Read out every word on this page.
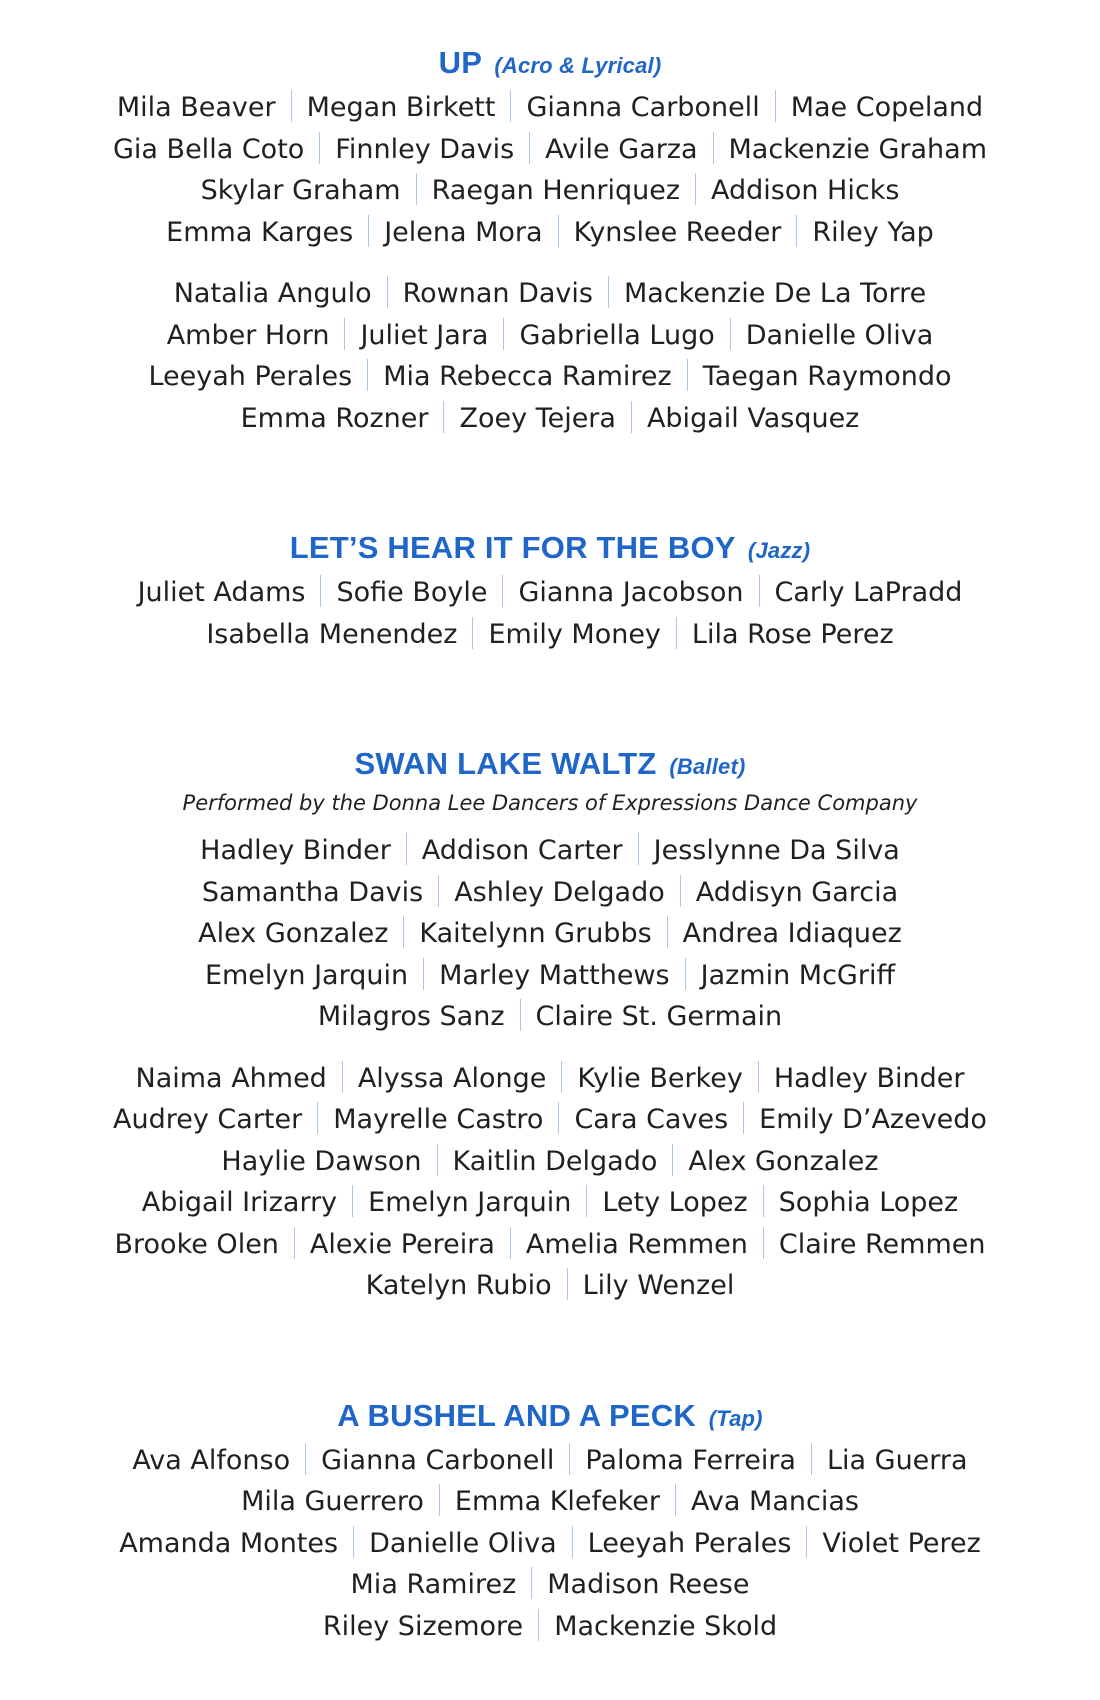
UP (Acro & Lyrical)
Mila Beaver Megan Birkett Gianna Carbonell Mae Copeland
Gia Bella Coto Finnley Davis Avile Garza Mackenzie Graham
Skylar Graham Raegan Henriquez Addison Hicks
Emma Karges Jelena Mora Kynslee Reeder Riley Yap
Natalia Angulo Rownan Davis Mackenzie De La Torre
Amber Horn Juliet Jara Gabriella Lugo Danielle Oliva
Leeyah Perales Mia Rebecca Ramirez Taegan Raymondo
Emma Rozner Zoey Tejera Abigail Vasquez
LET’S HEAR IT FOR THE BOY (Jazz)
Juliet Adams Sofie Boyle Gianna Jacobson Carly LaPradd
Isabella Menendez Emily Money Lila Rose Perez
SWAN LAKE WALTZ (Ballet)
Performed by the Donna Lee Dancers of Expressions Dance Company
Hadley Binder Addison Carter Jesslynne Da Silva
Samantha Davis Ashley Delgado Addisyn Garcia
Alex Gonzalez Kaitelynn Grubbs Andrea Idiaquez
Emelyn Jarquin Marley Matthews Jazmin McGriff
Milagros Sanz Claire St. Germain
Naima Ahmed Alyssa Alonge Kylie Berkey Hadley Binder
Audrey Carter Mayrelle Castro Cara Caves Emily D’Azevedo
Haylie Dawson Kaitlin Delgado Alex Gonzalez
Abigail Irizarry Emelyn Jarquin Lety Lopez Sophia Lopez
Brooke Olen Alexie Pereira Amelia Remmen Claire Remmen
Katelyn Rubio Lily Wenzel
A BUSHEL AND A PECK (Tap)
Ava Alfonso Gianna Carbonell Paloma Ferreira Lia Guerra
Mila Guerrero Emma Klefeker Ava Mancias
Amanda Montes Danielle Oliva Leeyah Perales Violet Perez
Mia Ramirez Madison Reese
Riley Sizemore Mackenzie Skold
